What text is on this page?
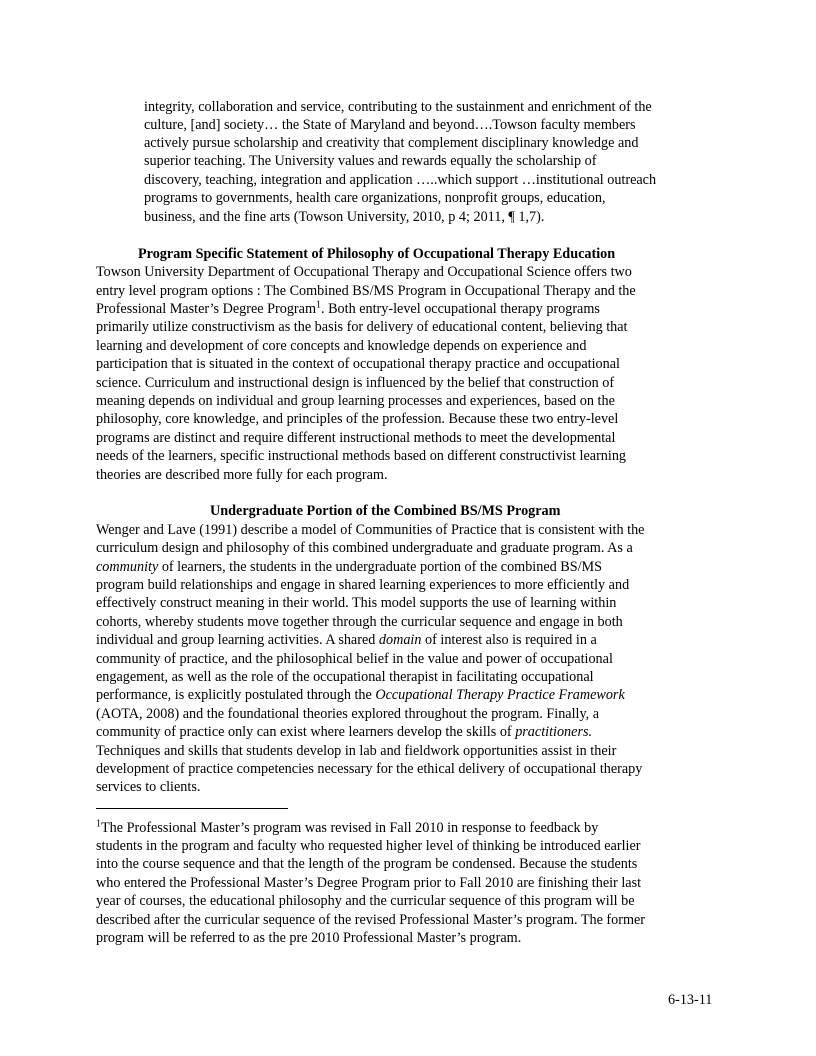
integrity, collaboration and service, contributing to the sustainment and enrichment of the
culture, [and] society… the State of Maryland and beyond….Towson faculty members
actively pursue scholarship and creativity that complement disciplinary knowledge and
superior teaching. The University values and rewards equally the scholarship of
discovery, teaching, integration and application …..which support …institutional outreach
programs to governments, health care organizations, nonprofit groups, education,
business, and the fine arts (Towson University, 2010, p 4; 2011, ¶ 1,7).
Program Specific Statement of Philosophy of Occupational Therapy Education
Towson University Department of Occupational Therapy and Occupational Science offers two
entry level program options : The Combined BS/MS Program in Occupational Therapy and the
Professional Master’s Degree Program$^1$. Both entry-level occupational therapy programs
primarily utilize constructivism as the basis for delivery of educational content, believing that
learning and development of core concepts and knowledge depends on experience and
participation that is situated in the context of occupational therapy practice and occupational
science. Curriculum and instructional design is influenced by the belief that construction of
meaning depends on individual and group learning processes and experiences, based on the
philosophy, core knowledge, and principles of the profession. Because these two entry-level
programs are distinct and require different instructional methods to meet the developmental
needs of the learners, specific instructional methods based on different constructivist learning
theories are described more fully for each program.
Undergraduate Portion of the Combined BS/MS Program
Wenger and Lave (1991) describe a model of Communities of Practice that is consistent with the
curriculum design and philosophy of this combined undergraduate and graduate program. As a
community of learners, the students in the undergraduate portion of the combined BS/MS
program build relationships and engage in shared learning experiences to more efficiently and
effectively construct meaning in their world. This model supports the use of learning within
cohorts, whereby students move together through the curricular sequence and engage in both
individual and group learning activities. A shared domain of interest also is required in a
community of practice, and the philosophical belief in the value and power of occupational
engagement, as well as the role of the occupational therapist in facilitating occupational
performance, is explicitly postulated through the Occupational Therapy Practice Framework
(AOTA, 2008) and the foundational theories explored throughout the program. Finally, a
community of practice only can exist where learners develop the skills of practitioners.
Techniques and skills that students develop in lab and fieldwork opportunities assist in their
development of practice competencies necessary for the ethical delivery of occupational therapy
services to clients.
$^1$The Professional Master’s program was revised in Fall 2010 in response to feedback by
students in the program and faculty who requested higher level of thinking be introduced earlier
into the course sequence and that the length of the program be condensed. Because the students
who entered the Professional Master’s Degree Program prior to Fall 2010 are finishing their last
year of courses, the educational philosophy and the curricular sequence of this program will be
described after the curricular sequence of the revised Professional Master’s program. The former
program will be referred to as the pre 2010 Professional Master’s program.
6-13-11
